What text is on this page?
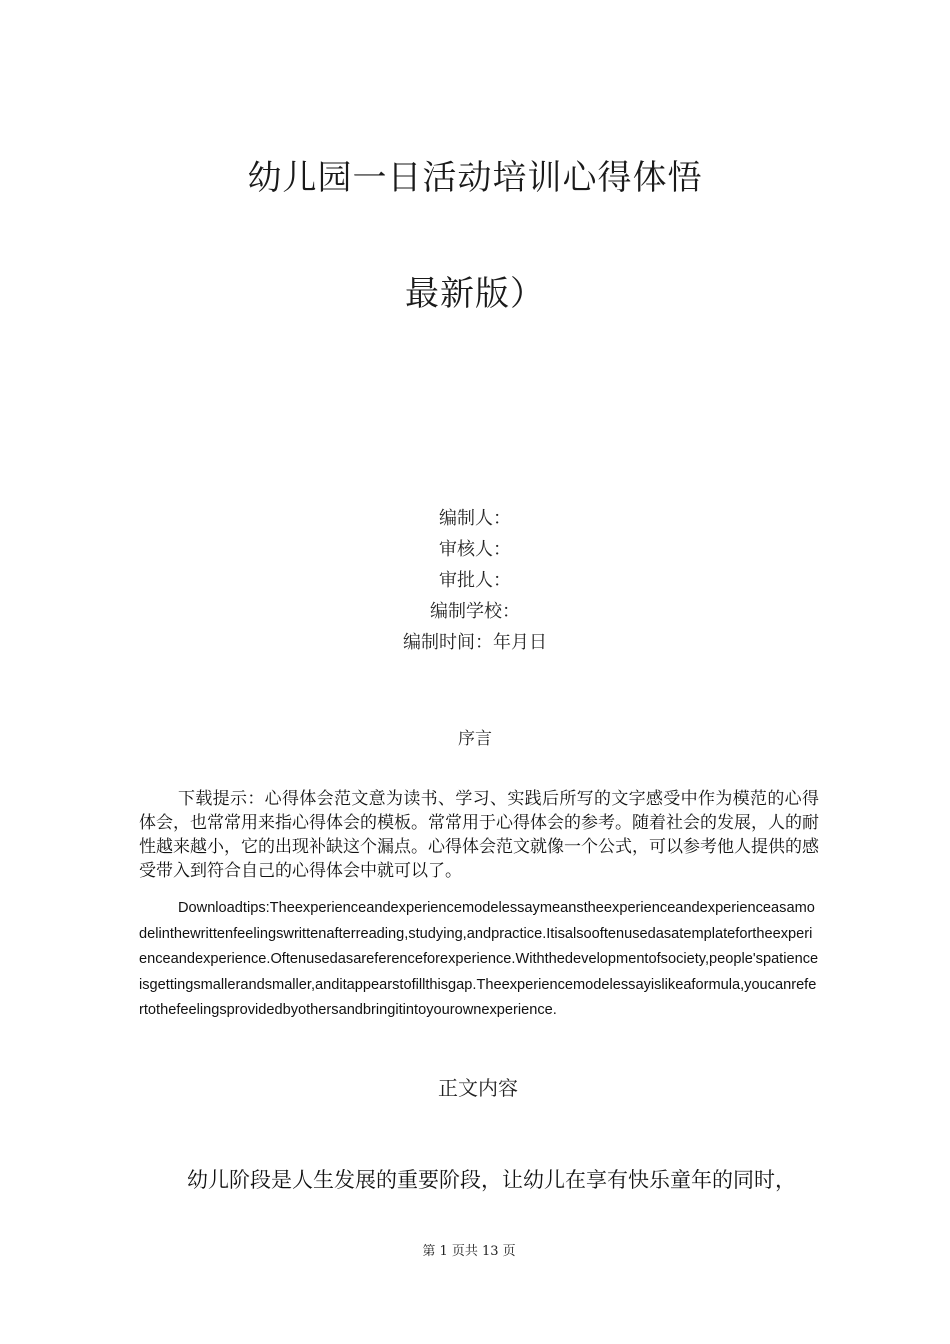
幼儿园一日活动培训心得体悟
最新版）
编制人：
审核人：
审批人：
编制学校：
编制时间：年月日
序言

下载提示：心得体会范文意为读书、学习、实践后所写的文字感受中作为模范的心得体会，也常常用来指心得体会的模板。常常用于心得体会的参考。随着社会的发展，人的耐性越来越小，它的出现补缺这个漏点。心得体会范文就像一个公式，可以参考他人提供的感受带入到符合自己的心得体会中就可以了。

Downloadtips:Theexperienceandexperiencemodelessaymeanstheexperienceandexperienceasamodelinthewrittenfeelingswrittenafterreading,studying,andpractice.Itisalsooftenusedasatemplatefortheexperienceandexperience.Oftenusedasareferenceforexperience.Withthedevelopmentofsociety,people'spatienceisgettingsmallerandsmaller,anditappearstofillthisgap.Theexperiencemodelessayislikeaformula,youcanrefertothefeelingsprovidedbyothersandbringitintoyourownexperience.

正文内容

幼儿阶段是人生发展的重要阶段，让幼儿在享有快乐童年的同时，

第 1 页共 13 页
